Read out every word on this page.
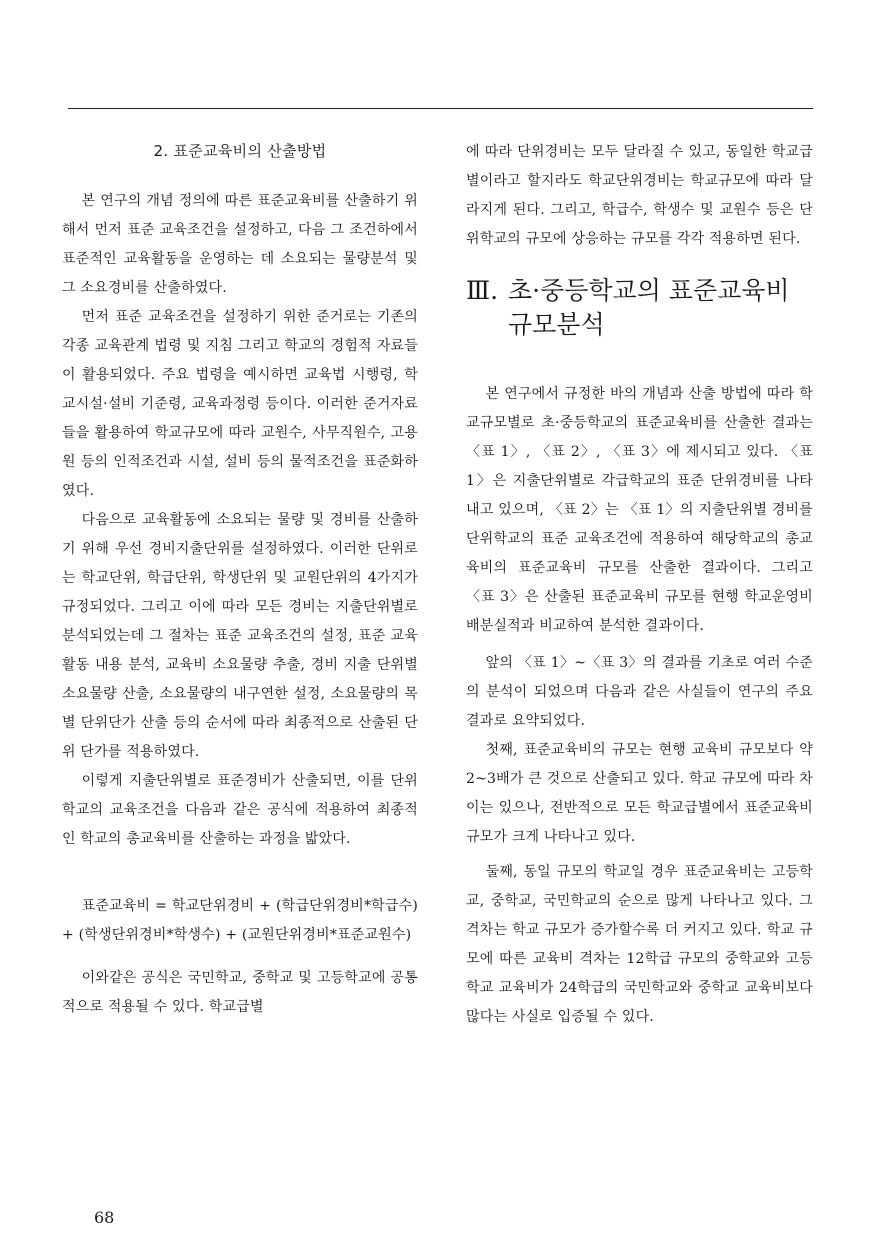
2. 표준교육비의 산출방법

본 연구의 개념 정의에 따른 표준교육비를 산출하기 위해서 먼저 표준 교육조건을 설정하고, 다음 그 조건하에서 표준적인 교육활동을 운영하는 데 소요되는 물량분석 및 그 소요경비를 산출하였다.

먼저 표준 교육조건을 설정하기 위한 준거로는 기존의 각종 교육관계 법령 및 지침 그리고 학교의 경험적 자료들이 활용되었다. 주요 법령을 예시하면 교육법 시행령, 학교시설·설비 기준령, 교육과정령 등이다. 이러한 준거자료들을 활용하여 학교규모에 따라 교원수, 사무직원수, 고용원 등의 인적조건과 시설, 설비 등의 물적조건을 표준화하였다.

다음으로 교육활동에 소요되는 물량 및 경비를 산출하기 위해 우선 경비지출단위를 설정하였다. 이러한 단위로는 학교단위, 학급단위, 학생단위 및 교원단위의 4가지가 규정되었다. 그리고 이에 따라 모든 경비는 지출단위별로 분석되었는데 그 절차는 표준 교육조건의 설정, 표준 교육활동 내용 분석, 교육비 소요물량 추출, 경비 지출 단위별 소요물량 산출, 소요물량의 내구연한 설정, 소요물량의 목별 단위단가 산출 등의 순서에 따라 최종적으로 산출된 단위 단가를 적용하였다.

이렇게 지출단위별로 표준경비가 산출되면, 이를 단위학교의 교육조건을 다음과 같은 공식에 적용하여 최종적인 학교의 총교육비를 산출하는 과정을 밟았다.

표준교육비 = 학교단위경비 + (학급단위경비*학급수) + (학생단위경비*학생수) + (교원단위경비*표준교원수)

이와같은 공식은 국민학교, 중학교 및 고등학교에 공통적으로 적용될 수 있다. 학교급별

에 따라 단위경비는 모두 달라질 수 있고, 동일한 학교급별이라고 할지라도 학교단위경비는 학교규모에 따라 달라지게 된다. 그리고, 학급수, 학생수 및 교원수 등은 단위학교의 규모에 상응하는 규모를 각각 적용하면 된다.

Ⅲ. 초·중등학교의 표준교육비
규모분석

본 연구에서 규정한 바의 개념과 산출 방법에 따라 학교규모별로 초·중등학교의 표준교육비를 산출한 결과는 〈표 1〉, 〈표 2〉, 〈표 3〉에 제시되고 있다. 〈표 1〉은 지출단위별로 각급학교의 표준 단위경비를 나타내고 있으며, 〈표 2〉는 〈표 1〉의 지출단위별 경비를 단위학교의 표준 교육조건에 적용하여 해당학교의 총교육비의 표준교육비 규모를 산출한 결과이다. 그리고 〈표 3〉은 산출된 표준교육비 규모를 현행 학교운영비 배분실적과 비교하여 분석한 결과이다.

앞의 〈표 1〉~〈표 3〉의 결과를 기초로 여러 수준의 분석이 되었으며 다음과 같은 사실들이 연구의 주요결과로 요약되었다.

첫째, 표준교육비의 규모는 현행 교육비 규모보다 약 2~3배가 큰 것으로 산출되고 있다. 학교 규모에 따라 차이는 있으나, 전반적으로 모든 학교급별에서 표준교육비 규모가 크게 나타나고 있다.

둘째, 동일 규모의 학교일 경우 표준교육비는 고등학교, 중학교, 국민학교의 순으로 많게 나타나고 있다. 그 격차는 학교 규모가 증가할수록 더 커지고 있다. 학교 규모에 따른 교육비 격차는 12학급 규모의 중학교와 고등학교 교육비가 24학급의 국민학교와 중학교 교육비보다 많다는 사실로 입증될 수 있다.

68
